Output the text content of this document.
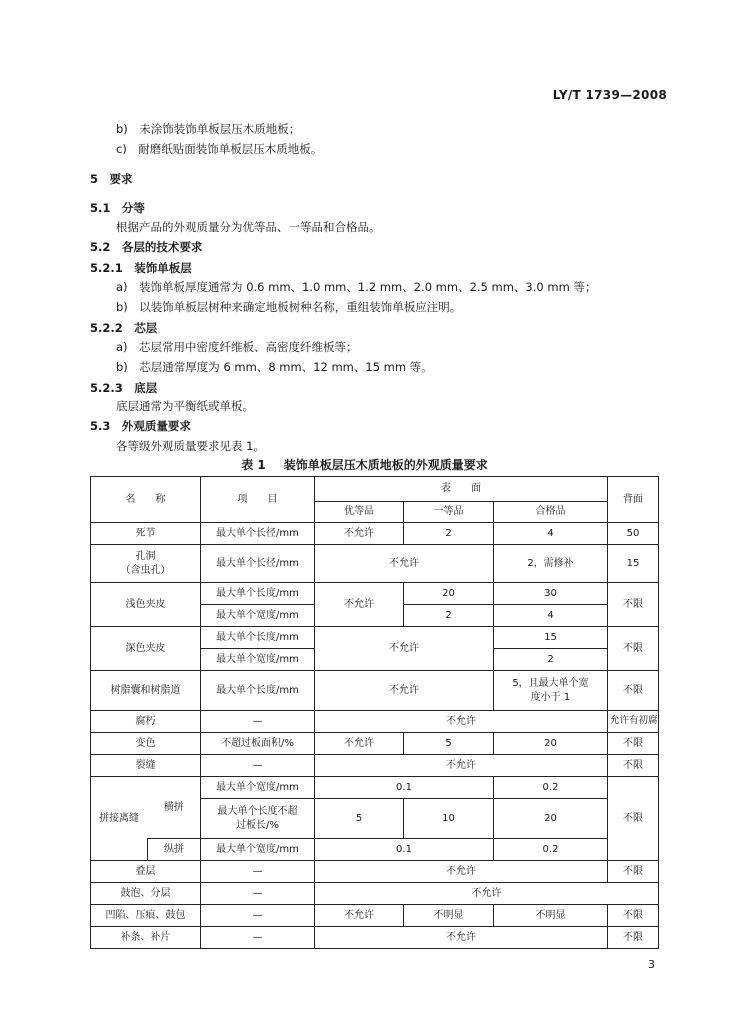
LY/T 1739—2008
b)　未涂饰装饰单板层压木质地板；
c)　耐磨纸贴面装饰单板层压木质地板。
5　要求
5.1　分等
根据产品的外观质量分为优等品、一等品和合格品。
5.2　各层的技术要求
5.2.1　装饰单板层
a)　装饰单板厚度通常为 0.6 mm、1.0 mm、1.2 mm、2.0 mm、2.5 mm、3.0 mm 等；
b)　以装饰单板层树种来确定地板树种名称，重组装饰单板应注明。
5.2.2　芯层
a)　芯层常用中密度纤维板、高密度纤维板等；
b)　芯层通常厚度为 6 mm、8 mm、12 mm、15 mm 等。
5.2.3　底层
底层通常为平衡纸或单板。
5.3　外观质量要求
各等级外观质量要求见表 1。
表 1 装饰单板层压木质地板的外观质量要求
名　　称		项　　目	表　　面			背面
			优等品	一等品	合格品	
死节		最大单个长径/mm	不允许	2	4	50
孔洞
（含虫孔）		最大单个长径/mm	不允许		2，需修补	15
浅色夹皮		最大单个长度/mm	不允许	20	30	不限
		最大单个宽度/mm		2	4	
深色夹皮		最大单个长度/mm	不允许		15	不限
		最大单个宽度/mm			2	
树脂囊和树脂道		最大单个长度/mm	不允许		5，且最大单个宽度小于 1	不限
腐朽		—	不允许			允许有初腐
变色		不超过板面积/%	不允许	5	20	不限
裂缝		—	不允许			不限
拼接离缝	横拼	最大单个宽度/mm	0.1		0.2	不限
		最大单个长度不超过板长/%	5	10	20	
	纵拼	最大单个宽度/mm	0.1		0.2	
叠层		—	不允许			不限
鼓泡、分层		—	不允许			
凹陷、压痕、鼓包		—	不允许	不明显	不明显	不限
补条、补片		—	不允许			不限
3
